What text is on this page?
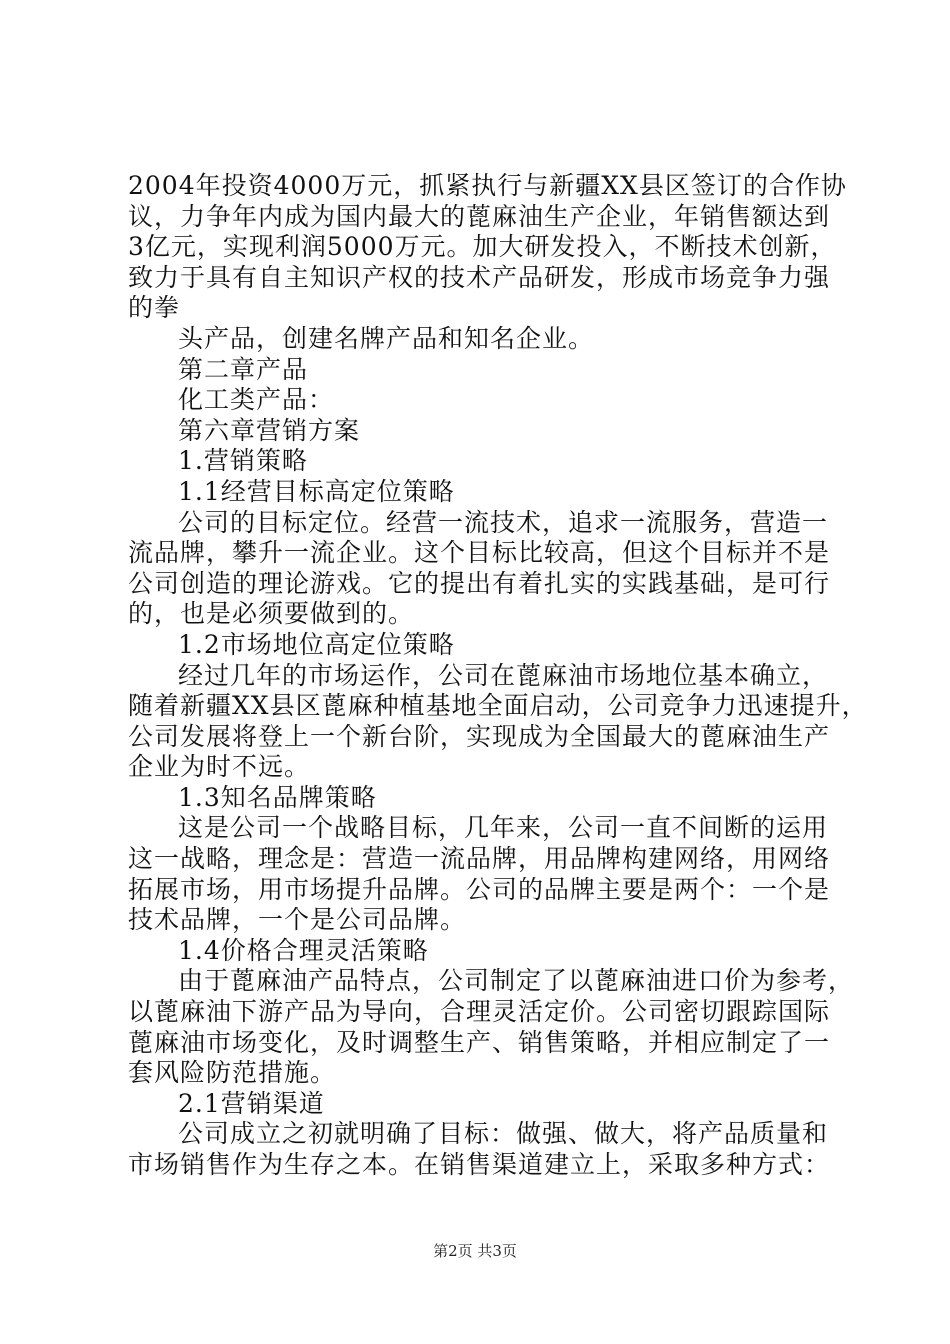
2004年投资4000万元，抓紧执行与新疆XX县区签订的合作协
议，力争年内成为国内最大的蓖麻油生产企业，年销售额达到
3亿元，实现利润5000万元。加大研发投入，不断技术创新，
致力于具有自主知识产权的技术产品研发，形成市场竞争力强
的拳
头产品，创建名牌产品和知名企业。
第二章产品
化工类产品：
第六章营销方案
1.营销策略
1.1经营目标高定位策略
公司的目标定位。经营一流技术，追求一流服务，营造一
流品牌，攀升一流企业。这个目标比较高，但这个目标并不是
公司创造的理论游戏。它的提出有着扎实的实践基础，是可行
的，也是必须要做到的。
1.2市场地位高定位策略
经过几年的市场运作，公司在蓖麻油市场地位基本确立，
随着新疆XX县区蓖麻种植基地全面启动，公司竞争力迅速提升，
公司发展将登上一个新台阶，实现成为全国最大的蓖麻油生产
企业为时不远。
1.3知名品牌策略
这是公司一个战略目标，几年来，公司一直不间断的运用
这一战略，理念是：营造一流品牌，用品牌构建网络，用网络
拓展市场，用市场提升品牌。公司的品牌主要是两个：一个是
技术品牌，一个是公司品牌。
1.4价格合理灵活策略
由于蓖麻油产品特点，公司制定了以蓖麻油进口价为参考，
以蓖麻油下游产品为导向，合理灵活定价。公司密切跟踪国际
蓖麻油市场变化，及时调整生产、销售策略，并相应制定了一
套风险防范措施。
2.1营销渠道
公司成立之初就明确了目标：做强、做大，将产品质量和
市场销售作为生存之本。在销售渠道建立上，采取多种方式：
第2页 共3页
